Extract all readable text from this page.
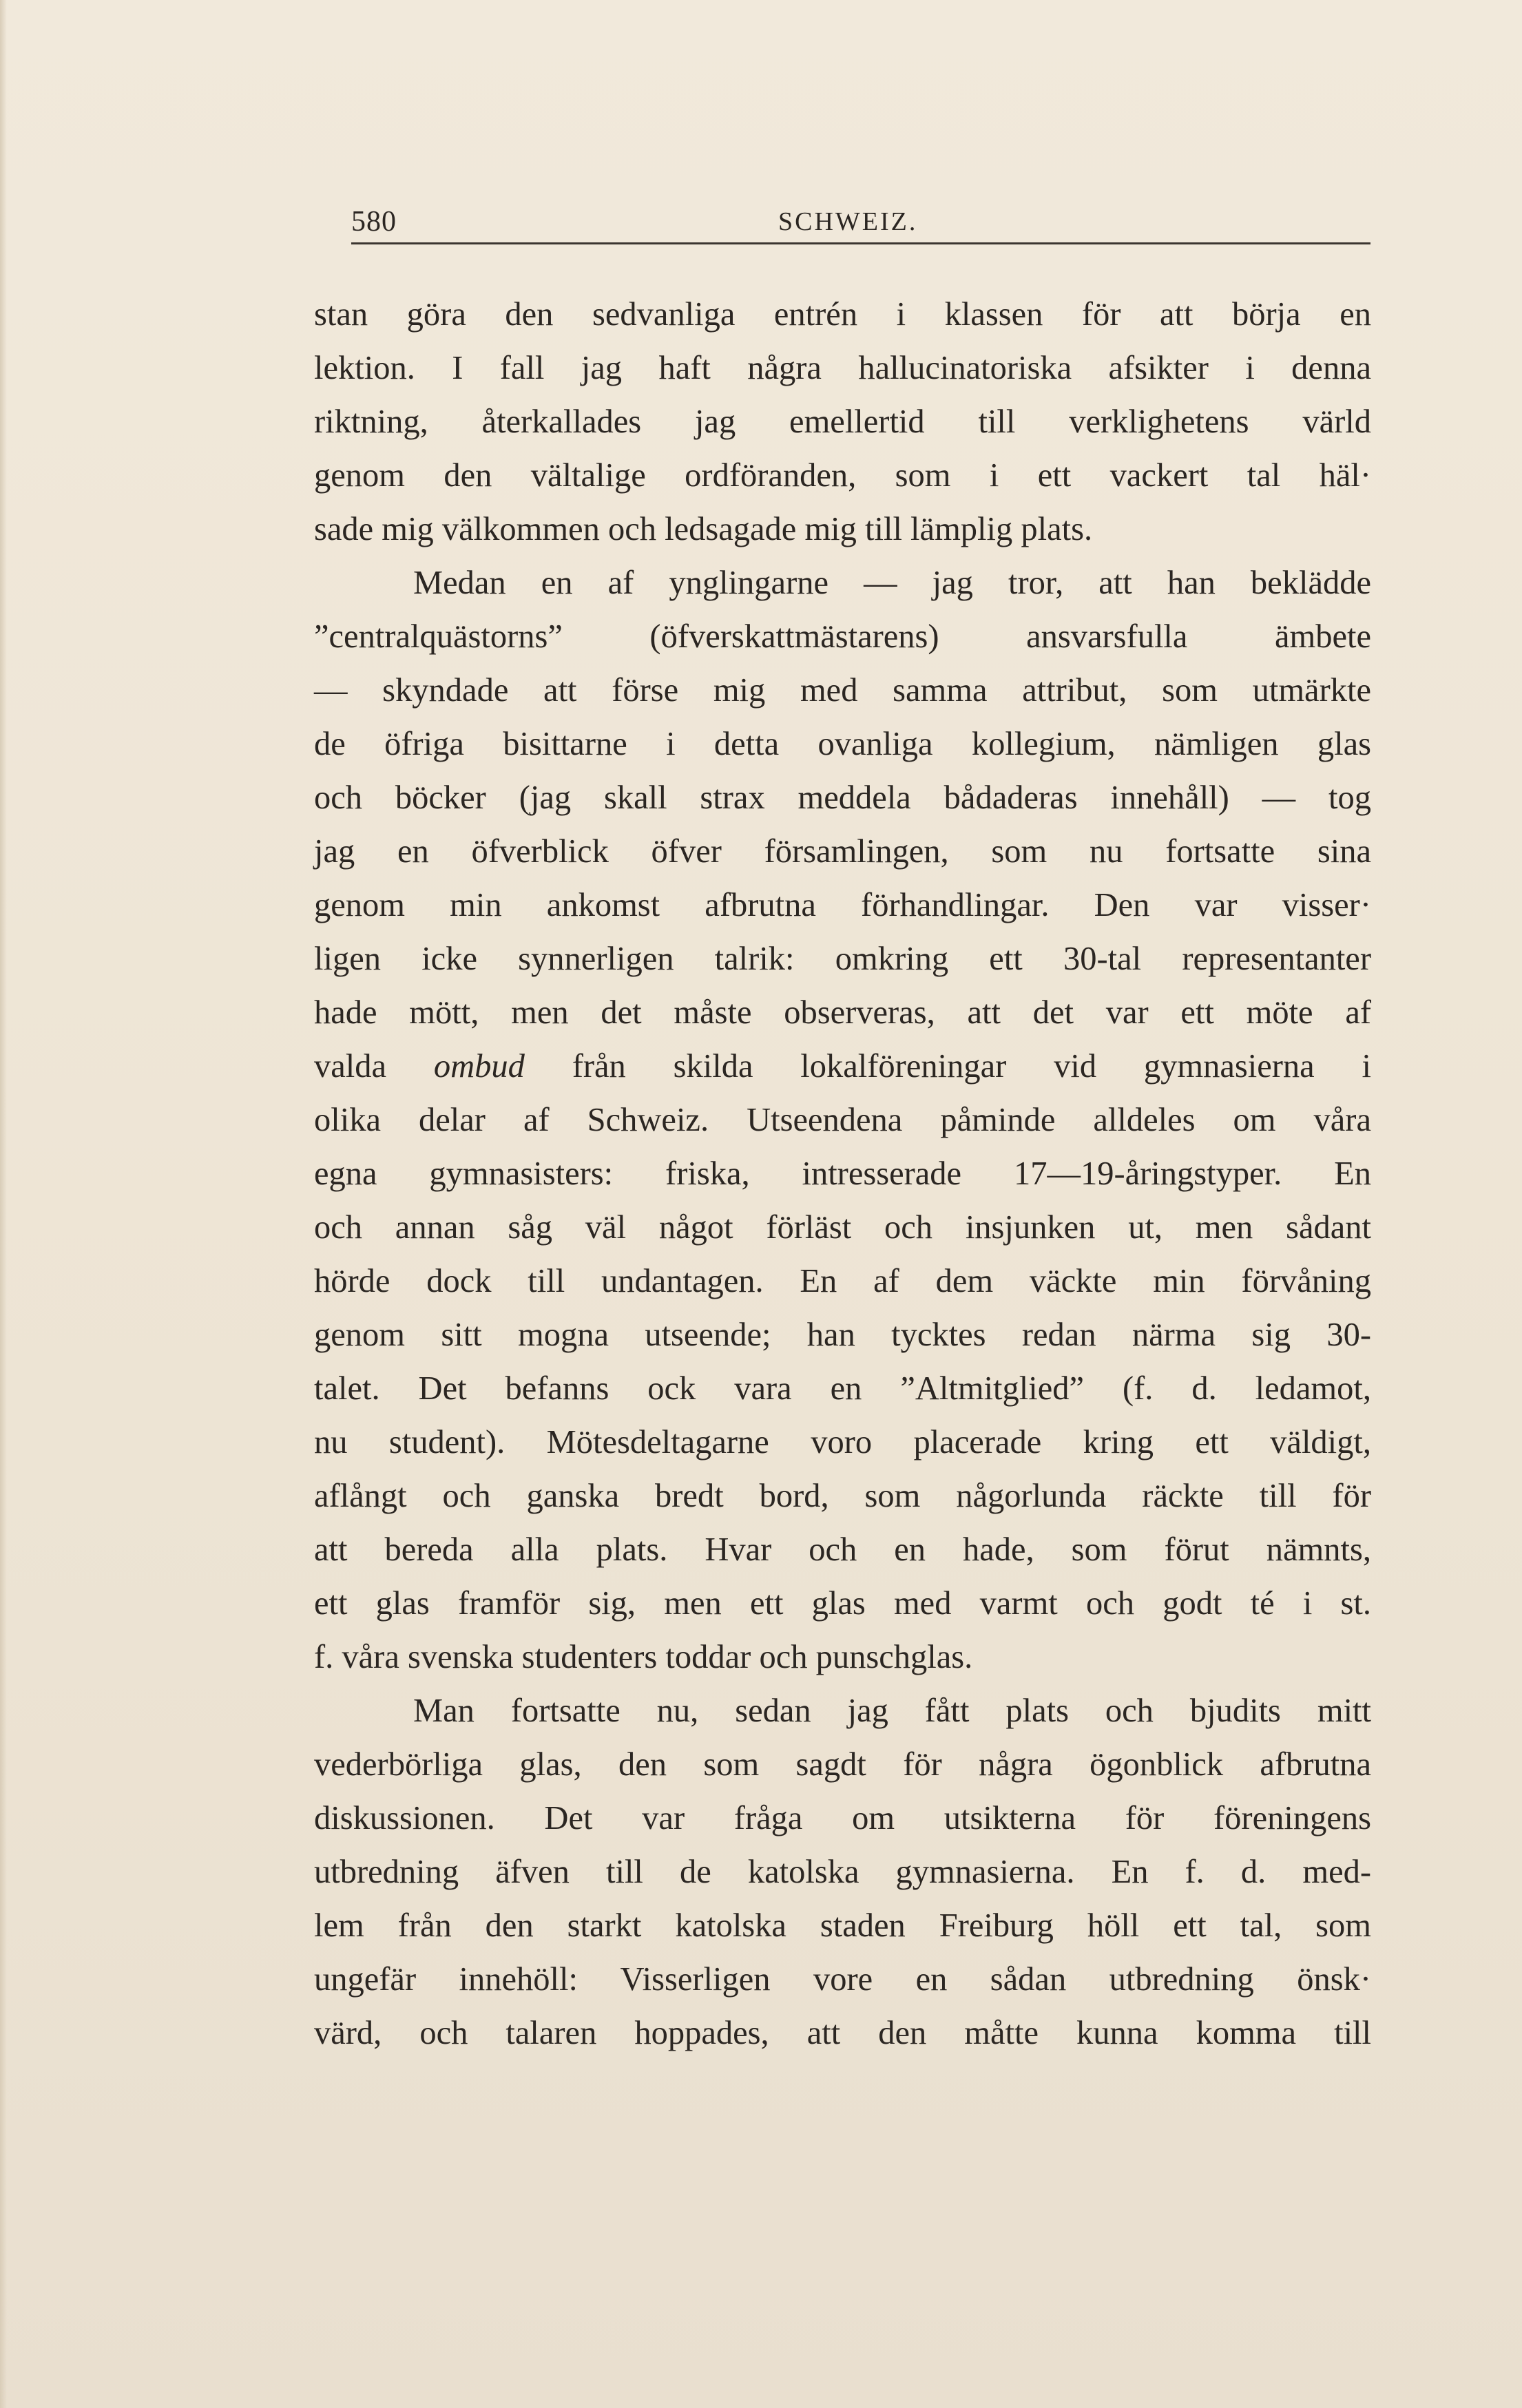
580	SCHWEIZ.
stan göra den sedvanliga entrén i klassen för att börja en
lektion. I fall jag haft några hallucinatoriska afsikter i denna
riktning, återkallades jag emellertid till verklighetens värld
genom den vältalige ordföranden, som i ett vackert tal häl·
sade mig välkommen och ledsagade mig till lämplig plats.
Medan en af ynglingarne — jag tror, att han beklädde
”centralquästorns” (öfverskattmästarens) ansvarsfulla ämbete
— skyndade att förse mig med samma attribut, som utmärkte
de öfriga bisittarne i detta ovanliga kollegium, nämligen glas
och böcker (jag skall strax meddela bådaderas innehåll) — tog
jag en öfverblick öfver församlingen, som nu fortsatte sina
genom min ankomst afbrutna förhandlingar. Den var visser·
ligen icke synnerligen talrik: omkring ett 30-tal representanter
hade mött, men det måste observeras, att det var ett möte af
valda ombud från skilda lokalföreningar vid gymnasierna i
olika delar af Schweiz. Utseendena påminde alldeles om våra
egna gymnasisters: friska, intresserade 17—19-åringstyper. En
och annan såg väl något förläst och insjunken ut, men sådant
hörde dock till undantagen. En af dem väckte min förvåning
genom sitt mogna utseende; han tycktes redan närma sig 30-
talet. Det befanns ock vara en ”Altmitglied” (f. d. ledamot,
nu student). Mötesdeltagarne voro placerade kring ett väldigt,
aflångt och ganska bredt bord, som någorlunda räckte till för
att bereda alla plats. Hvar och en hade, som förut nämnts,
ett glas framför sig, men ett glas med varmt och godt té i st.
f. våra svenska studenters toddar och punschglas.
Man fortsatte nu, sedan jag fått plats och bjudits mitt
vederbörliga glas, den som sagdt för några ögonblick afbrutna
diskussionen. Det var fråga om utsikterna för föreningens
utbredning äfven till de katolska gymnasierna. En f. d. med-
lem från den starkt katolska staden Freiburg höll ett tal, som
ungefär innehöll: Visserligen vore en sådan utbredning önsk·
värd, och talaren hoppades, att den måtte kunna komma till
